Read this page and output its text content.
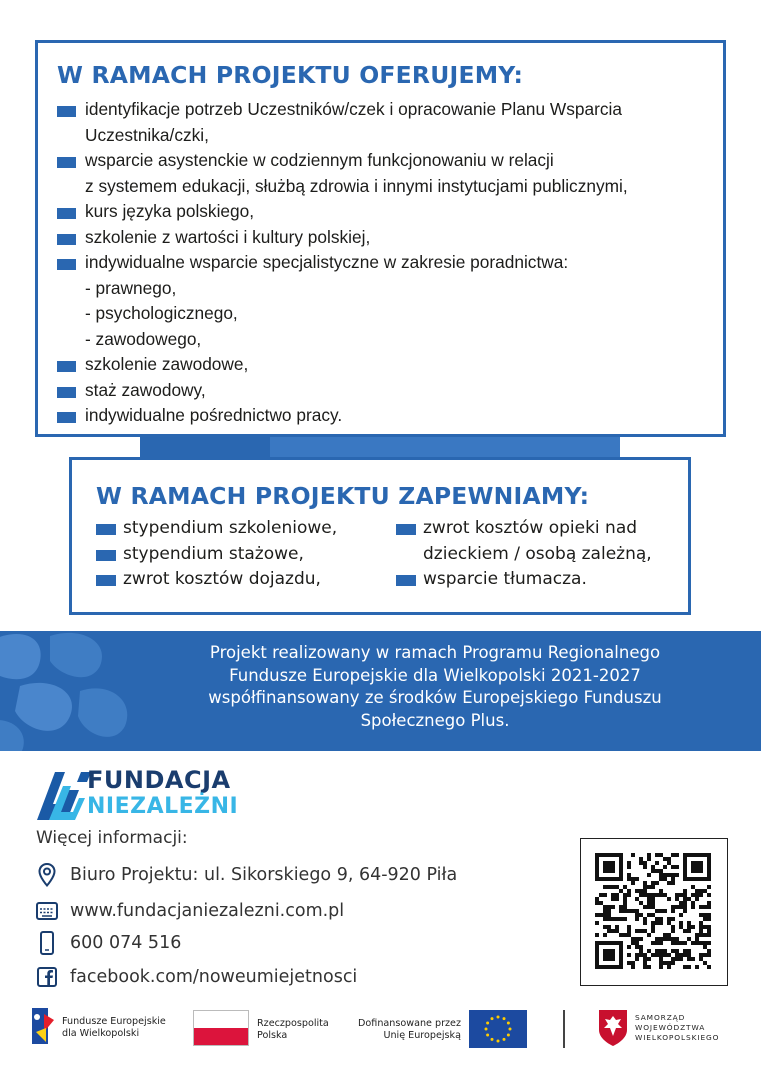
W RAMACH PROJEKTU OFERUJEMY:
identyfikacje potrzeb Uczestników/czek i opracowanie Planu Wsparcia
Uczestnika/czki,
wsparcie asystenckie w codziennym funkcjonowaniu w relacji
z systemem edukacji, służbą zdrowia i innymi instytucjami publicznymi,
kurs języka polskiego,
szkolenie z wartości i kultury polskiej,
indywidualne wsparcie specjalistyczne w zakresie poradnictwa:
- prawnego,
- psychologicznego,
- zawodowego,
szkolenie zawodowe,
staż zawodowy,
indywidualne pośrednictwo pracy.
W RAMACH PROJEKTU ZAPEWNIAMY:
stypendium szkoleniowe,
stypendium stażowe,
zwrot kosztów dojazdu,
zwrot kosztów opieki nad
dzieckiem / osobą zależną,
wsparcie tłumacza.
Projekt realizowany w ramach Programu Regionalnego
Fundusze Europejskie dla Wielkopolski 2021-2027
współfinansowany ze środków Europejskiego Funduszu
Społecznego Plus.
FUNDACJA
NIEZALEŻNI
Więcej informacji:
Biuro Projektu: ul. Sikorskiego 9, 64-920 Piła
www.fundacjaniezalezni.com.pl
600 074 516
facebook.com/noweumiejetnosci
Fundusze Europejskie
dla Wielkopolski
Rzeczpospolita
Polska
Dofinansowane przez
Unię Europejską
SAMORZĄD
WOJEWÓDZTWA
WIELKOPOLSKIEGO
